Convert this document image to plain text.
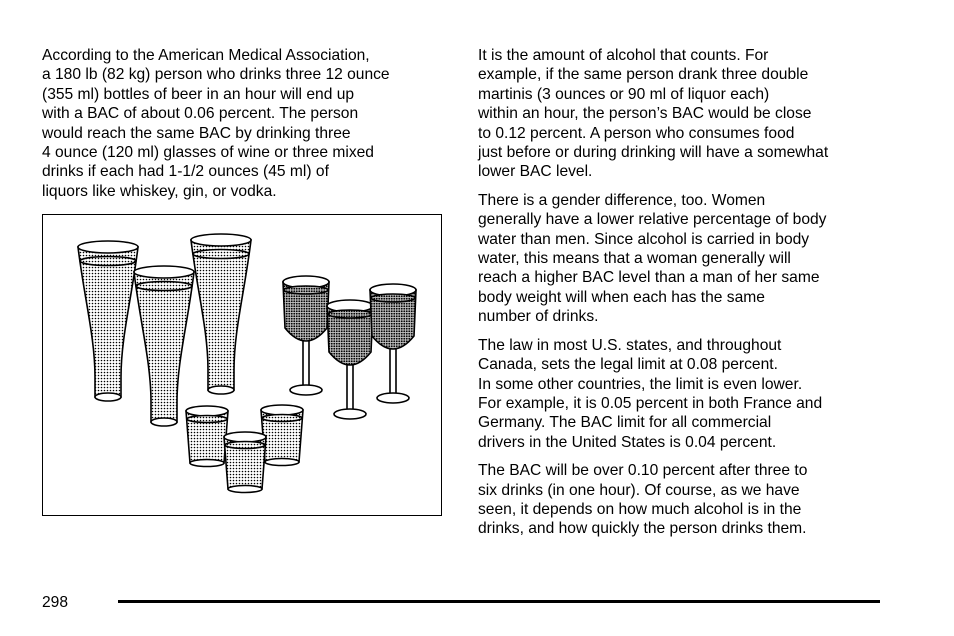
According to the American Medical Association,
a 180 lb (82 kg) person who drinks three 12 ounce
(355 ml) bottles of beer in an hour will end up
with a BAC of about 0.06 percent. The person
would reach the same BAC by drinking three
4 ounce (120 ml) glasses of wine or three mixed
drinks if each had 1-1/2 ounces (45 ml) of
liquors like whiskey, gin, or vodka.

It is the amount of alcohol that counts. For
example, if the same person drank three double
martinis (3 ounces or 90 ml of liquor each)
within an hour, the person’s BAC would be close
to 0.12 percent. A person who consumes food
just before or during drinking will have a somewhat
lower BAC level.

There is a gender difference, too. Women
generally have a lower relative percentage of body
water than men. Since alcohol is carried in body
water, this means that a woman generally will
reach a higher BAC level than a man of her same
body weight will when each has the same
number of drinks.

The law in most U.S. states, and throughout
Canada, sets the legal limit at 0.08 percent.
In some other countries, the limit is even lower.
For example, it is 0.05 percent in both France and
Germany. The BAC limit for all commercial
drivers in the United States is 0.04 percent.

The BAC will be over 0.10 percent after three to
six drinks (in one hour). Of course, as we have
seen, it depends on how much alcohol is in the
drinks, and how quickly the person drinks them.

298
